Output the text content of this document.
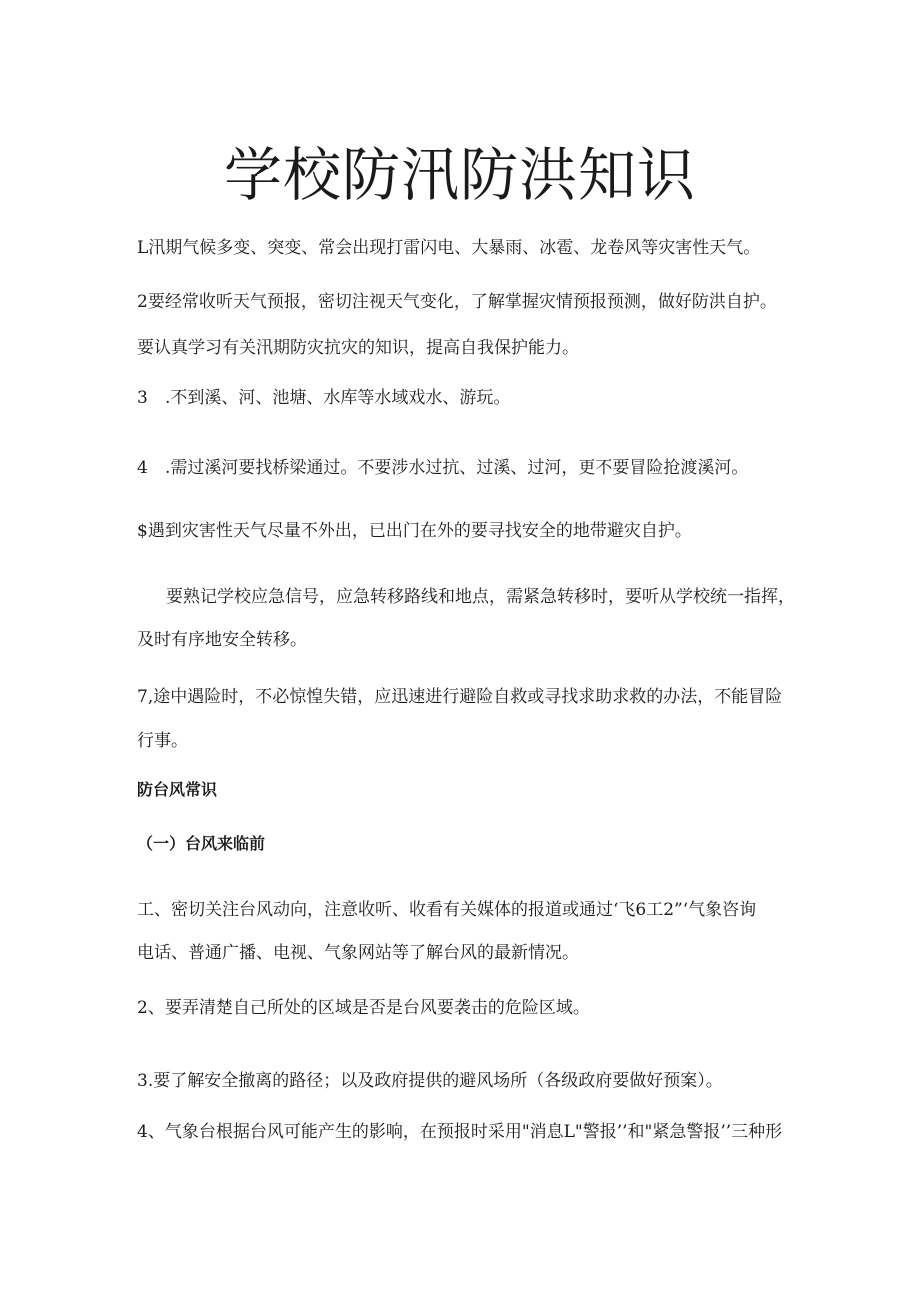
学校防汛防洪知识

L汛期气候多变、突变、常会出现打雷闪电、大暴雨、冰雹、龙卷风等灾害性天气。

2要经常收听天气预报，密切注视天气变化，了解掌握灾情预报预测，做好防洪自护。

要认真学习有关汛期防灾抗灾的知识，提高自我保护能力。

3 .不到溪、河、池塘、水库等水域戏水、游玩。

4 .需过溪河要找桥梁通过。不要涉水过抗、过溪、过河，更不要冒险抢渡溪河。

$遇到灾害性天气尽量不外出，已出门在外的要寻找安全的地带避灾自护。

要熟记学校应急信号，应急转移路线和地点，需紧急转移时，要听从学校统一指挥，

及时有序地安全转移。

7,途中遇险时，不必惊惶失错，应迅速进行避险自救或寻找求助求救的办法，不能冒险

行事。

防台风常识

（一）台风来临前

工、密切关注台风动向，注意收听、收看有关媒体的报道或通过‘飞6工2”‘气象咨询

电话、普通广播、电视、气象网站等了解台风的最新情况。

2、要弄清楚自己所处的区域是否是台风要袭击的危险区域。

3.要了解安全撤离的路径；以及政府提供的避风场所（各级政府要做好预案）。

4、气象台根据台风可能产生的影响，在预报时采用"消息L"警报’’和"紧急警报’’三种形
